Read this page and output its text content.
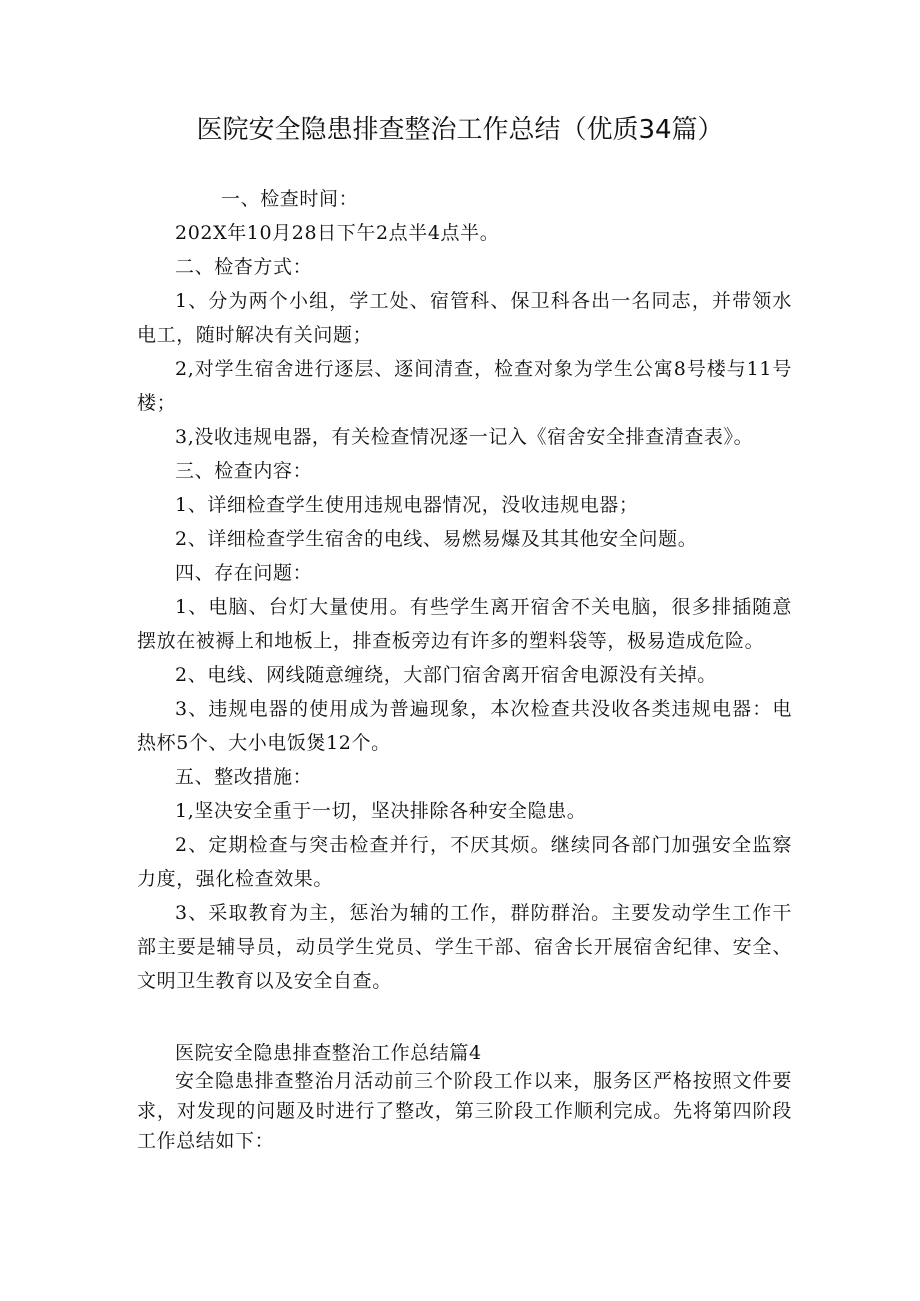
医院安全隐患排查整治工作总结（优质34篇）

一、检查时间：

202X年10月28日下午2点半4点半。

二、检杳方式：

1、分为两个小组，学工处、宿管科、保卫科各出一名同志，并带领水电工，随时解决有关问题；

2,对学生宿舍进行逐层、逐间清查，检查对象为学生公寓8号楼与11号楼；

3,没收违规电器，有关检查情况逐一记入《宿舍安全排查清查表》。

三、检查内容：

1、详细检查学生使用违规电器情况，没收违规电器；

2、详细检查学生宿舍的电线、易燃易爆及其其他安全问题。

四、存在问题：

1、电脑、台灯大量使用。有些学生离开宿舍不关电脑，很多排插随意摆放在被褥上和地板上，排查板旁边有许多的塑料袋等，极易造成危险。

2、电线、网线随意缠绕，大部门宿舍离开宿舍电源没有关掉。

3、违规电器的使用成为普遍现象，本次检查共没收各类违规电器：电热杯5个、大小电饭煲12个。

五、整改措施：

1,坚决安全重于一切，坚决排除各种安全隐患。

2、定期检查与突击检查并行，不厌其烦。继续同各部门加强安全监察力度，强化检查效果。

3、采取教育为主，惩治为辅的工作，群防群治。主要发动学生工作干部主要是辅导员，动员学生党员、学生干部、宿舍长开展宿舍纪律、安全、文明卫生教育以及安全自查。

医院安全隐患排查整治工作总结篇4

安全隐患排查整治月活动前三个阶段工作以来，服务区严格按照文件要求，对发现的问题及时进行了整改，第三阶段工作顺利完成。先将第四阶段工作总结如下：
